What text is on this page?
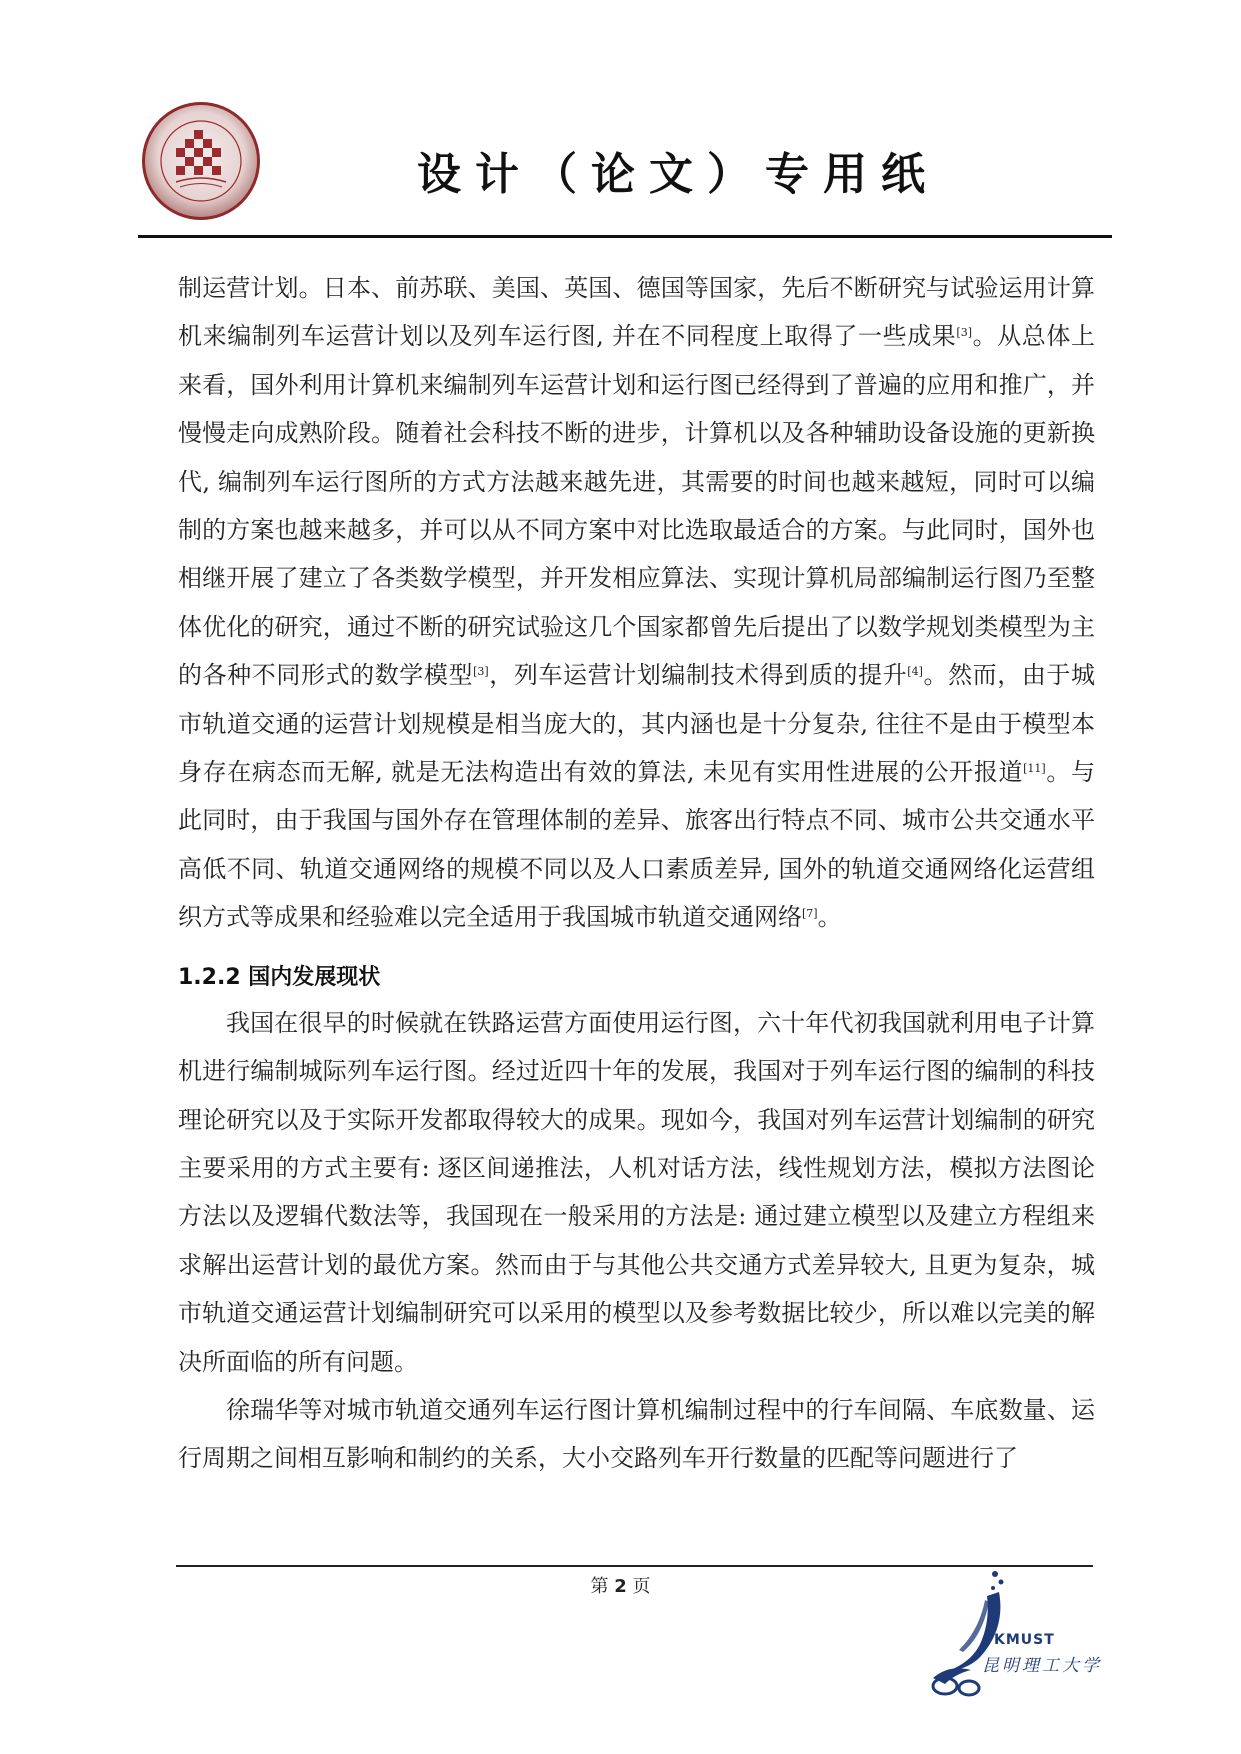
设计（论文）专用纸

制运营计划。日本、前苏联、美国、英国、德国等国家，先后不断研究与试验运用计算机来编制列车运营计划以及列车运行图, 并在不同程度上取得了一些成果[3]。从总体上来看，国外利用计算机来编制列车运营计划和运行图已经得到了普遍的应用和推广，并慢慢走向成熟阶段。随着社会科技不断的进步，计算机以及各种辅助设备设施的更新换代, 编制列车运行图所的方式方法越来越先进，其需要的时间也越来越短，同时可以编制的方案也越来越多，并可以从不同方案中对比选取最适合的方案。与此同时，国外也相继开展了建立了各类数学模型，并开发相应算法、实现计算机局部编制运行图乃至整体优化的研究，通过不断的研究试验这几个国家都曾先后提出了以数学规划类模型为主的各种不同形式的数学模型[3]，列车运营计划编制技术得到质的提升[4]。然而，由于城市轨道交通的运营计划规模是相当庞大的，其内涵也是十分复杂, 往往不是由于模型本身存在病态而无解, 就是无法构造出有效的算法, 未见有实用性进展的公开报道[11]。与此同时，由于我国与国外存在管理体制的差异、旅客出行特点不同、城市公共交通水平高低不同、轨道交通网络的规模不同以及人口素质差异, 国外的轨道交通网络化运营组织方式等成果和经验难以完全适用于我国城市轨道交通网络[7]。

1.2.2 国内发展现状

我国在很早的时候就在铁路运营方面使用运行图，六十年代初我国就利用电子计算机进行编制城际列车运行图。经过近四十年的发展，我国对于列车运行图的编制的科技理论研究以及于实际开发都取得较大的成果。现如今，我国对列车运营计划编制的研究主要采用的方式主要有: 逐区间递推法，人机对话方法，线性规划方法，模拟方法图论方法以及逻辑代数法等，我国现在一般采用的方法是: 通过建立模型以及建立方程组来求解出运营计划的最优方案。然而由于与其他公共交通方式差异较大, 且更为复杂，城市轨道交通运营计划编制研究可以采用的模型以及参考数据比较少，所以难以完美的解决所面临的所有问题。

徐瑞华等对城市轨道交通列车运行图计算机编制过程中的行车间隔、车底数量、运行周期之间相互影响和制约的关系，大小交路列车开行数量的匹配等问题进行了

第 2 页
KMUST
昆明理工大学
